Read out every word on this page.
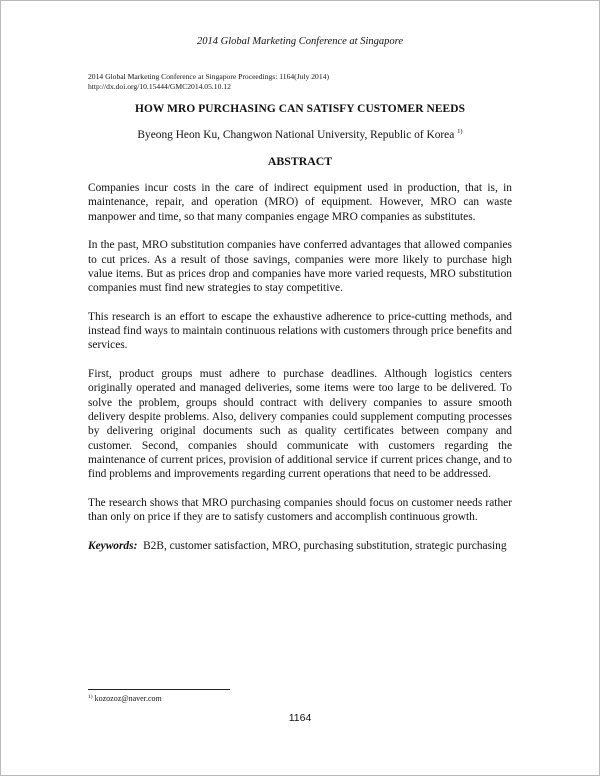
2014 Global Marketing Conference at Singapore
2014 Global Marketing Conference at Singapore Proceedings: 1164(July 2014)
http://dx.doi.org/10.15444/GMC2014.05.10.12
HOW MRO PURCHASING CAN SATISFY CUSTOMER NEEDS
Byeong Heon Ku, Changwon National University, Republic of Korea $^{1)}$
ABSTRACT

Companies incur costs in the care of indirect equipment used in production, that is, in maintenance, repair, and operation (MRO) of equipment. However, MRO can waste manpower and time, so that many companies engage MRO companies as substitutes.

In the past, MRO substitution companies have conferred advantages that allowed companies to cut prices. As a result of those savings, companies were more likely to purchase high value items. But as prices drop and companies have more varied requests, MRO substitution companies must find new strategies to stay competitive.

This research is an effort to escape the exhaustive adherence to price-cutting methods, and instead find ways to maintain continuous relations with customers through price benefits and services.

First, product groups must adhere to purchase deadlines. Although logistics centers originally operated and managed deliveries, some items were too large to be delivered. To solve the problem, groups should contract with delivery companies to assure smooth delivery despite problems. Also, delivery companies could supplement computing processes by delivering original documents such as quality certificates between company and customer. Second, companies should communicate with customers regarding the maintenance of current prices, provision of additional service if current prices change, and to find problems and improvements regarding current operations that need to be addressed.

The research shows that MRO purchasing companies should focus on customer needs rather than only on price if they are to satisfy customers and accomplish continuous growth.

Keywords: B2B, customer satisfaction, MRO, purchasing substitution, strategic purchasing

$^{1)}$ kozozoz@naver.com
1164
